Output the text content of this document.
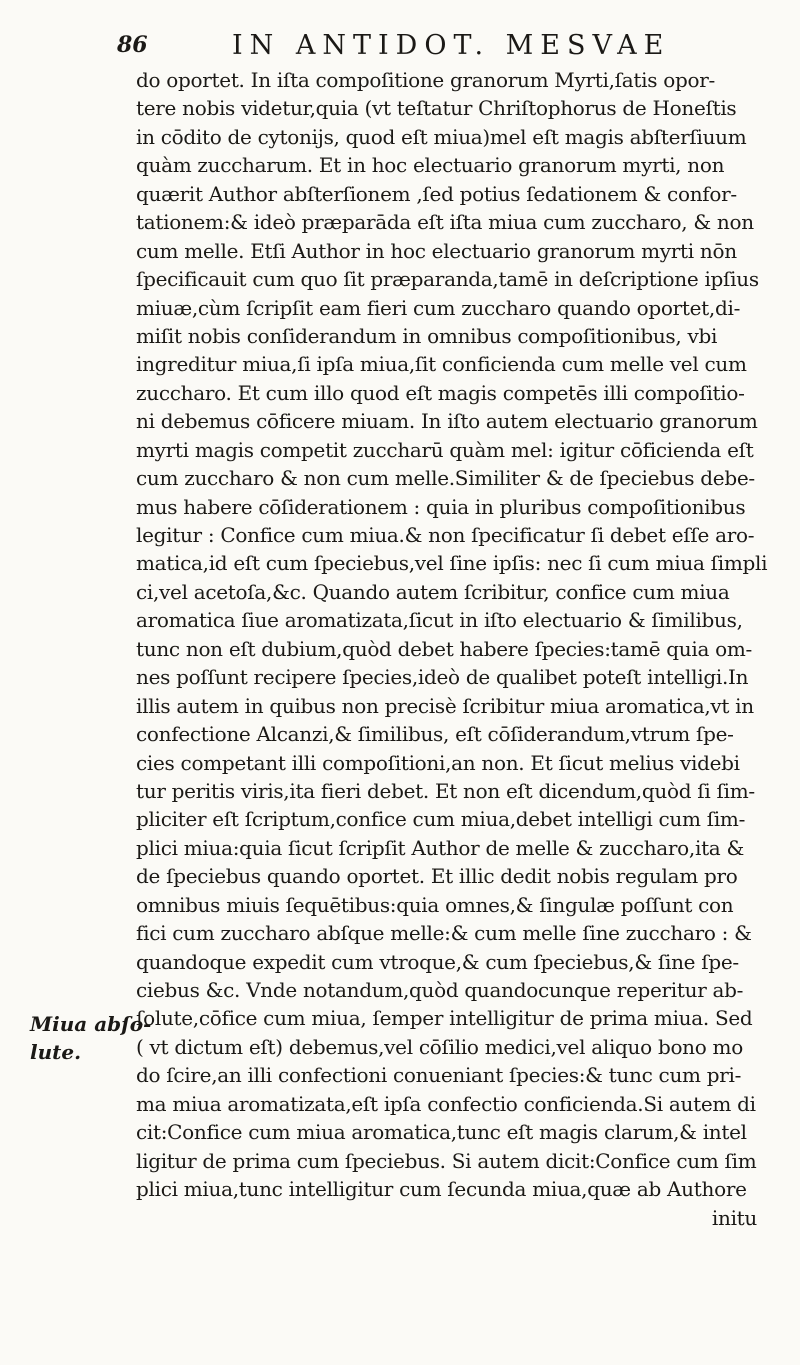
86	IN ANTIDOT. MESVAE
Miua abſo-
lute.
do oportet. In iſta compoſitione granorum Myrti,ſatis opor-
tere nobis videtur,quia (vt teſtatur Chriſtophorus de Honeſtis
in cōdito de cytonijs, quod eſt miua)mel eſt magis abſterſiuum
quàm zuccharum. Et in hoc electuario granorum myrti, non
quærit Author abſterſionem ,ſed potius ſedationem & confor-
tationem:& ideò præparāda eſt iſta miua cum zuccharo, & non
cum melle. Etſi Author in hoc electuario granorum myrti nōn
ſpecificauit cum quo ſit præparanda,tamē in deſcriptione ipſius
miuæ,cùm ſcripſit eam fieri cum zuccharo quando oportet,di-
miſit nobis conſiderandum in omnibus compoſitionibus, vbi
ingreditur miua,ſi ipſa miua,ſit conficienda cum melle vel cum
zuccharo. Et cum illo quod eſt magis competēs illi compoſitio-
ni debemus cōficere miuam. In iſto autem electuario granorum
myrti magis competit zuccharū quàm mel: igitur cōficienda eſt
cum zuccharo & non cum melle.Similiter & de ſpeciebus debe-
mus habere cōſiderationem : quia in pluribus compoſitionibus
legitur : Confice cum miua.& non ſpecificatur ſi debet eſſe aro-
matica,id eſt cum ſpeciebus,vel ſine ipſis: nec ſi cum miua ſimpli
ci,vel acetoſa,&c. Quando autem ſcribitur, confice cum miua
aromatica ſiue aromatizata,ſicut in iſto electuario & ſimilibus,
tunc non eſt dubium,quòd debet habere ſpecies:tamē quia om-
nes poſſunt recipere ſpecies,ideò de qualibet poteſt intelligi.In
illis autem in quibus non precisè ſcribitur miua aromatica,vt in
confectione Alcanzi,& ſimilibus, eſt cōſiderandum,vtrum ſpe-
cies competant illi compoſitioni,an non. Et ſicut melius videbi
tur peritis viris,ita fieri debet. Et non eſt dicendum,quòd ſi ſim-
pliciter eſt ſcriptum,confice cum miua,debet intelligi cum ſim-
plici miua:quia ſicut ſcripſit Author de melle & zuccharo,ita &
de ſpeciebus quando oportet. Et illic dedit nobis regulam pro
omnibus miuis ſequētibus:quia omnes,& ſingulæ poſſunt con
fici cum zuccharo abſque melle:& cum melle ſine zuccharo : &
quandoque expedit cum vtroque,& cum ſpeciebus,& ſine ſpe-
ciebus &c. Vnde notandum,quòd quandocunque reperitur ab-
ſolute,cōfice cum miua, ſemper intelligitur de prima miua. Sed
( vt dictum eſt) debemus,vel cōſilio medici,vel aliquo bono mo
do ſcire,an illi confectioni conueniant ſpecies:& tunc cum pri-
ma miua aromatizata,eſt ipſa confectio conficienda.Si autem di
cit:Confice cum miua aromatica,tunc eſt magis clarum,& intel
ligitur de prima cum ſpeciebus. Si autem dicit:Confice cum ſim
plici miua,tunc intelligitur cum ſecunda miua,quæ ab Authore
initu
